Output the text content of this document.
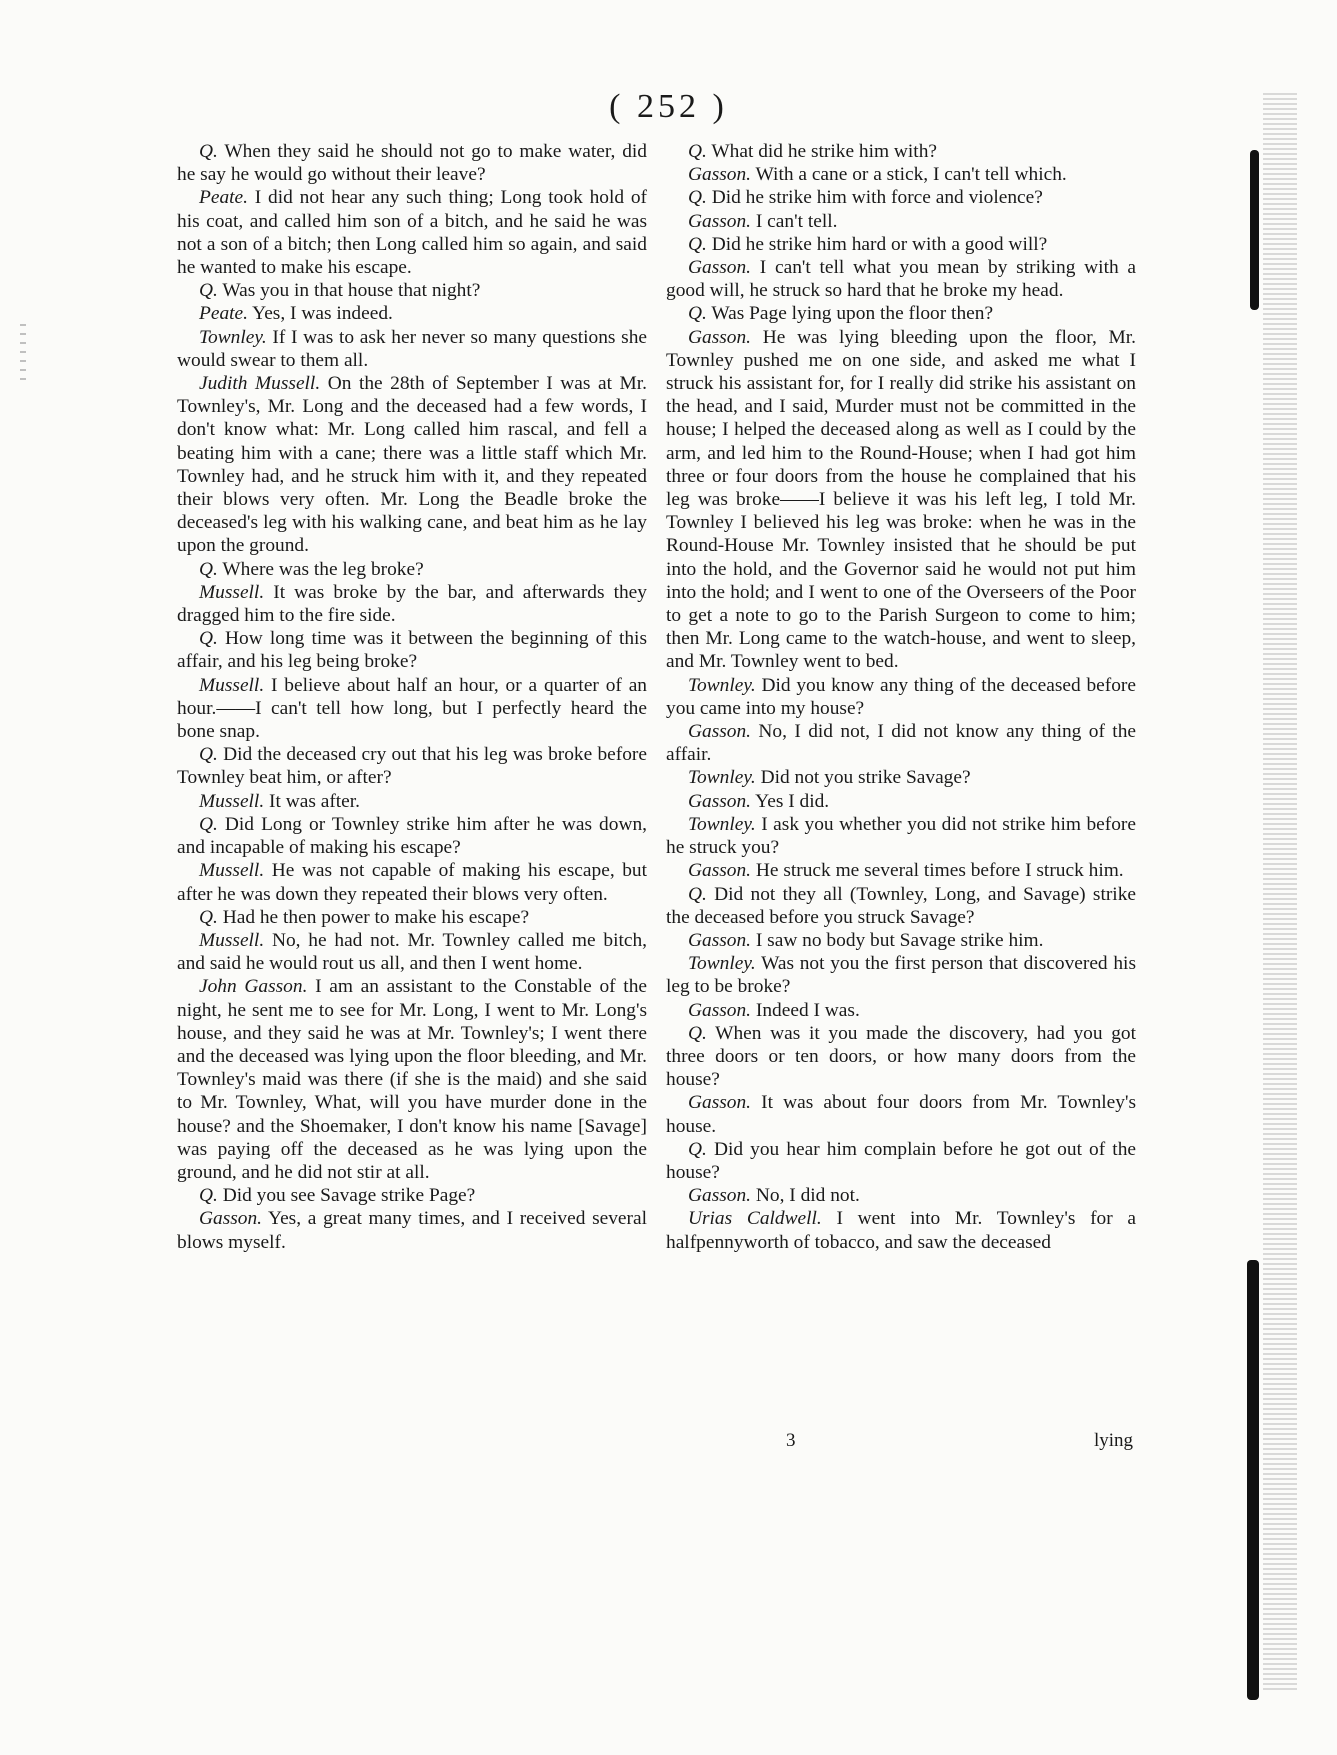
( 252 )

Q. When they said he should not go to make water, did he say he would go without their leave?

Peate. I did not hear any such thing; Long took hold of his coat, and called him son of a bitch, and he said he was not a son of a bitch; then Long called him so again, and said he wanted to make his escape.

Q. Was you in that house that night?

Peate. Yes, I was indeed.

Townley. If I was to ask her never so many questions she would swear to them all.

Judith Mussell. On the 28th of September I was at Mr. Townley's, Mr. Long and the deceased had a few words, I don't know what: Mr. Long called him rascal, and fell a beating him with a cane; there was a little staff which Mr. Townley had, and he struck him with it, and they repeated their blows very often. Mr. Long the Beadle broke the deceased's leg with his walking cane, and beat him as he lay upon the ground.

Q. Where was the leg broke?

Mussell. It was broke by the bar, and afterwards they dragged him to the fire side.

Q. How long time was it between the beginning of this affair, and his leg being broke?

Mussell. I believe about half an hour, or a quarter of an hour.——I can't tell how long, but I perfectly heard the bone snap.

Q. Did the deceased cry out that his leg was broke before Townley beat him, or after?

Mussell. It was after.

Q. Did Long or Townley strike him after he was down, and incapable of making his escape?

Mussell. He was not capable of making his escape, but after he was down they repeated their blows very often.

Q. Had he then power to make his escape?

Mussell. No, he had not. Mr. Townley called me bitch, and said he would rout us all, and then I went home.

John Gasson. I am an assistant to the Constable of the night, he sent me to see for Mr. Long, I went to Mr. Long's house, and they said he was at Mr. Townley's; I went there and the deceased was lying upon the floor bleeding, and Mr. Townley's maid was there (if she is the maid) and she said to Mr. Townley, What, will you have murder done in the house? and the Shoemaker, I don't know his name [Savage] was paying off the deceased as he was lying upon the ground, and he did not stir at all.

Q. Did you see Savage strike Page?

Gasson. Yes, a great many times, and I received several blows myself.

Q. What did he strike him with?

Gasson. With a cane or a stick, I can't tell which.

Q. Did he strike him with force and violence?

Gasson. I can't tell.

Q. Did he strike him hard or with a good will?

Gasson. I can't tell what you mean by striking with a good will, he struck so hard that he broke my head.

Q. Was Page lying upon the floor then?

Gasson. He was lying bleeding upon the floor, Mr. Townley pushed me on one side, and asked me what I struck his assistant for, for I really did strike his assistant on the head, and I said, Murder must not be committed in the house; I helped the deceased along as well as I could by the arm, and led him to the Round-House; when I had got him three or four doors from the house he complained that his leg was broke——I believe it was his left leg, I told Mr. Townley I believed his leg was broke: when he was in the Round-House Mr. Townley insisted that he should be put into the hold, and the Governor said he would not put him into the hold; and I went to one of the Overseers of the Poor to get a note to go to the Parish Surgeon to come to him; then Mr. Long came to the watch-house, and went to sleep, and Mr. Townley went to bed.

Townley. Did you know any thing of the deceased before you came into my house?

Gasson. No, I did not, I did not know any thing of the affair.

Townley. Did not you strike Savage?

Gasson. Yes I did.

Townley. I ask you whether you did not strike him before he struck you?

Gasson. He struck me several times before I struck him.

Q. Did not they all (Townley, Long, and Savage) strike the deceased before you struck Savage?

Gasson. I saw no body but Savage strike him.

Townley. Was not you the first person that discovered his leg to be broke?

Gasson. Indeed I was.

Q. When was it you made the discovery, had you got three doors or ten doors, or how many doors from the house?

Gasson. It was about four doors from Mr. Townley's house.

Q. Did you hear him complain before he got out of the house?

Gasson. No, I did not.

Urias Caldwell. I went into Mr. Townley's for a halfpennyworth of tobacco, and saw the deceased

3	lying
